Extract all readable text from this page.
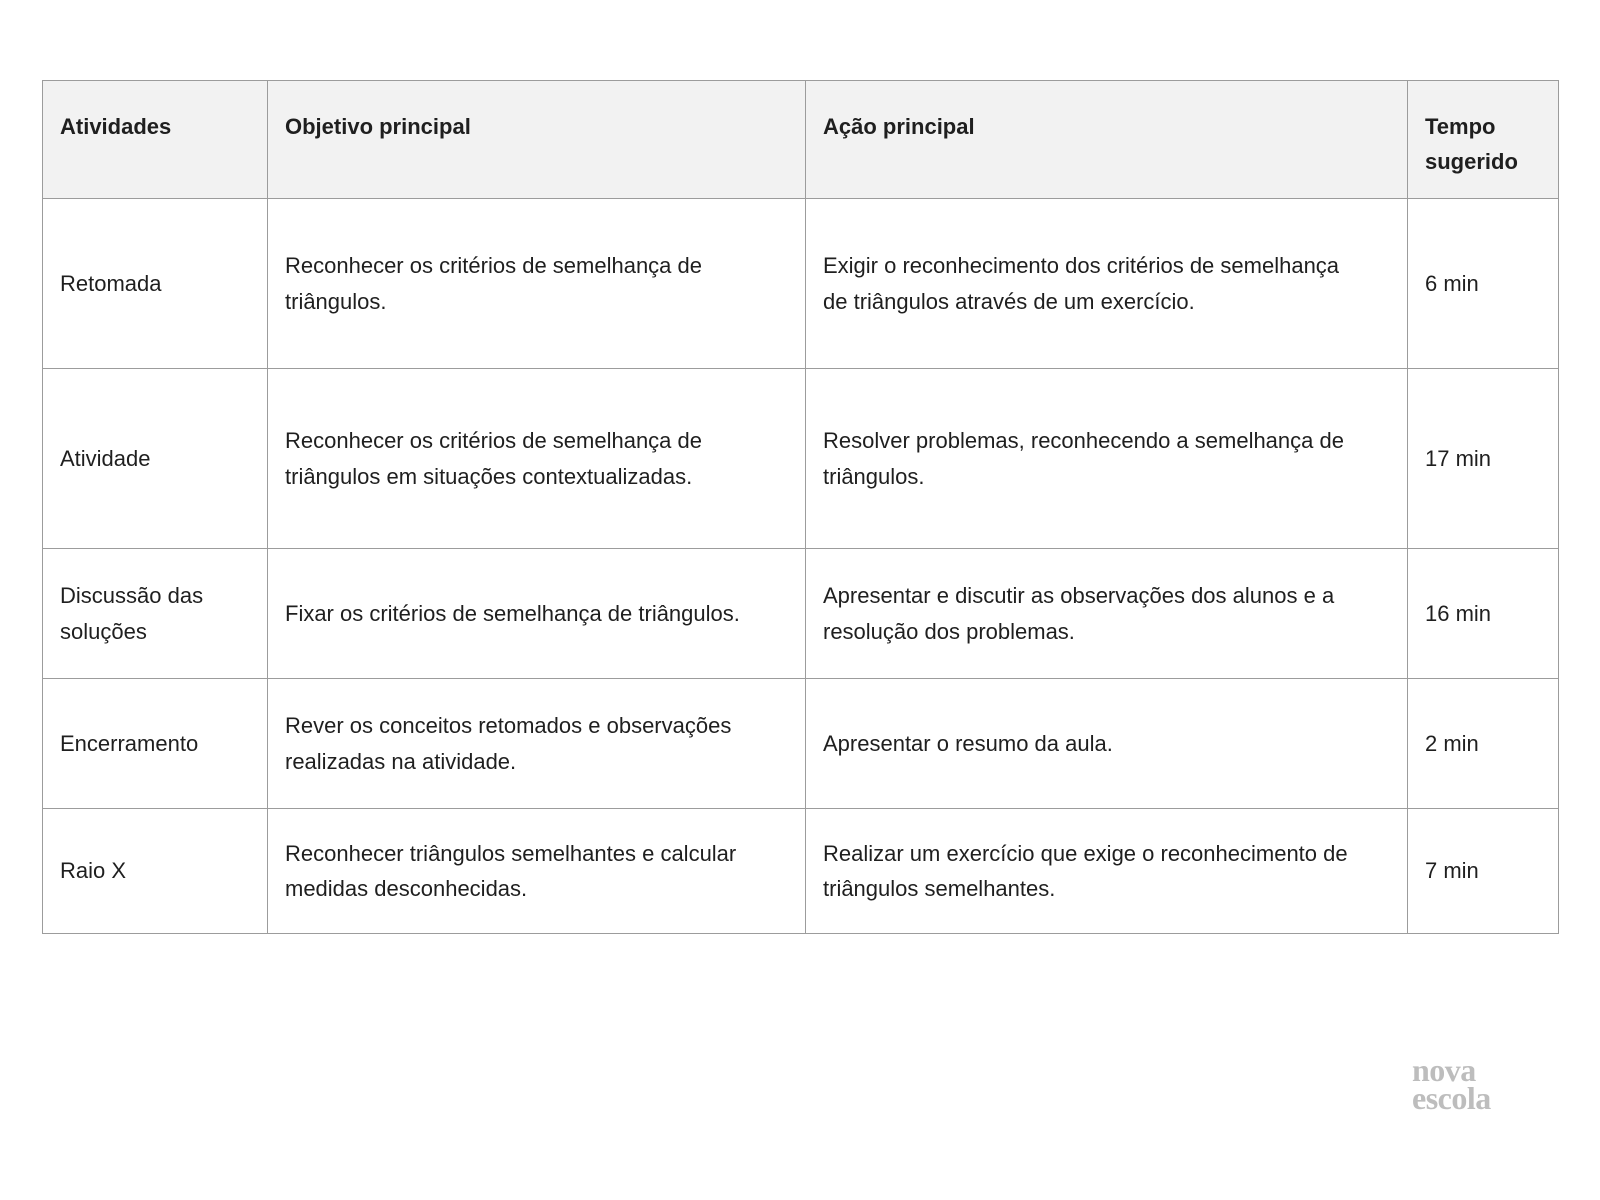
Atividades	Objetivo principal	Ação principal	Tempo sugerido
Retomada	Reconhecer os critérios de semelhança de triângulos.	Exigir o reconhecimento dos critérios de semelhança de triângulos através de um exercício.	6 min
Atividade	Reconhecer os critérios de semelhança de triângulos em situações contextualizadas.	Resolver problemas, reconhecendo a semelhança de triângulos.	17 min
Discussão das soluções	Fixar os critérios de semelhança de triângulos.	Apresentar e discutir as observações dos alunos e a resolução dos problemas.	16 min
Encerramento	Rever os conceitos retomados e observações realizadas na atividade.	Apresentar o resumo da aula.	2 min
Raio X	Reconhecer triângulos semelhantes e calcular medidas desconhecidas.	Realizar um exercício que exige o reconhecimento de triângulos semelhantes.	7 min
nova
escola
